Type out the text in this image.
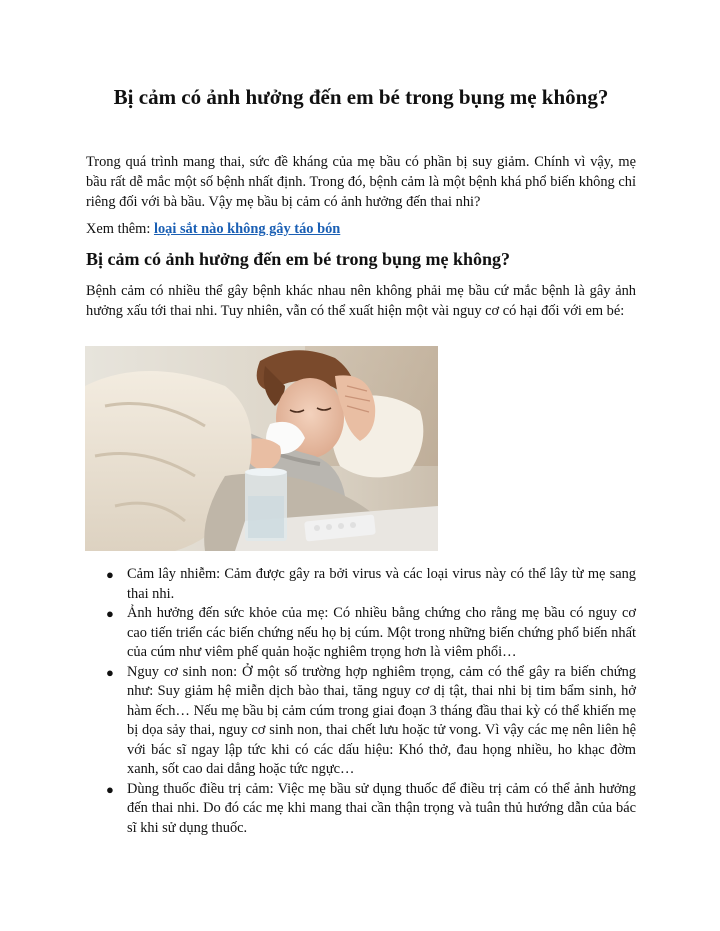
Bị cảm có ảnh hưởng đến em bé trong bụng mẹ không?

Trong quá trình mang thai, sức đề kháng của mẹ bầu có phần bị suy giảm. Chính vì vậy, mẹ bầu rất dễ mắc một số bệnh nhất định. Trong đó, bệnh cảm là một bệnh khá phổ biến không chỉ riêng đối với bà bầu. Vậy mẹ bầu bị cảm có ảnh hưởng đến thai nhi?

Xem thêm: loại sắt nào không gây táo bón

Bị cảm có ảnh hưởng đến em bé trong bụng mẹ không?

Bệnh cảm có nhiều thể gây bệnh khác nhau nên không phải mẹ bầu cứ mắc bệnh là gây ảnh hưởng xấu tới thai nhi. Tuy nhiên, vẫn có thể xuất hiện một vài nguy cơ có hại đối với em bé:

● Cảm lây nhiễm: Cảm được gây ra bởi virus và các loại virus này có thể lây từ mẹ sang thai nhi.
● Ảnh hưởng đến sức khỏe của mẹ: Có nhiều bằng chứng cho rằng mẹ bầu có nguy cơ cao tiến triển các biến chứng nếu họ bị cúm. Một trong những biến chứng phổ biến nhất của cúm như viêm phế quản hoặc nghiêm trọng hơn là viêm phổi…
● Nguy cơ sinh non: Ở một số trường hợp nghiêm trọng, cảm có thể gây ra biến chứng như: Suy giảm hệ miễn dịch bào thai, tăng nguy cơ dị tật, thai nhi bị tim bẩm sinh, hở hàm ếch… Nếu mẹ bầu bị cảm cúm trong giai đoạn 3 tháng đầu thai kỳ có thể khiến mẹ bị dọa sảy thai, nguy cơ sinh non, thai chết lưu hoặc tử vong. Vì vậy các mẹ nên liên hệ với bác sĩ ngay lập tức khi có các dấu hiệu: Khó thở, đau họng nhiều, ho khạc đờm xanh, sốt cao dai dẳng hoặc tức ngực…
● Dùng thuốc điều trị cảm: Việc mẹ bầu sử dụng thuốc để điều trị cảm có thể ảnh hưởng đến thai nhi. Do đó các mẹ khi mang thai cần thận trọng và tuân thủ hướng dẫn của bác sĩ khi sử dụng thuốc.
